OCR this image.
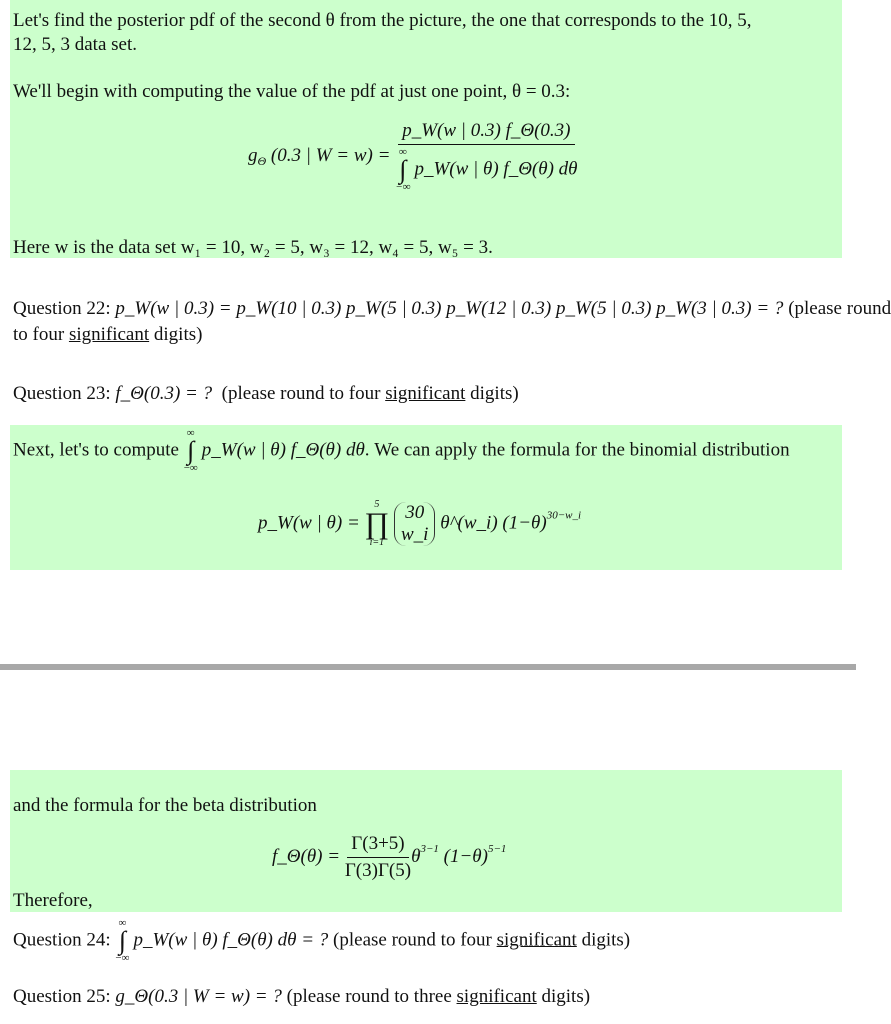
Let's find the posterior pdf of the second θ from the picture, the one that corresponds to the 10, 5,
12, 5, 3 data set.
We'll begin with computing the value of the pdf at just one point, θ = 0.3:
$g_\Theta$ (0.3 | W = w) = p_W(w | 0.3) f_Θ(0.3)
∞
∫
−∞
p_W(w | θ) f_Θ(θ) dθ
Here w is the data set w₁ = 10, w₂ = 5, w₃ = 12, w₄ = 5, w₅ = 3.
Question 22: p_W(w | 0.3) = p_W(10 | 0.3) p_W(5 | 0.3) p_W(12 | 0.3) p_W(5 | 0.3) p_W(3 | 0.3) = ? (please round
to four significant digits)
Question 23: f_Θ(0.3) = ? (please round to four significant digits)
Next, let's to compute
∞
∫
−∞
p_W(w | θ) f_Θ(θ) dθ. We can apply the formula for the binomial distribution
p_W(w | θ) =
5
∏
i=1

30
w_i
θ^(w_i) $(1-\theta)^{30-w\_i}$
and the formula for the beta distribution
f_Θ(θ) = $\frac{\Gamma(3+5)}{\Gamma(3)\Gamma(5)} \theta^{3-1}$ $(1-\theta)^{5-1}$
Therefore,
Question 24:
∞
∫
−∞
p_W(w | θ) f_Θ(θ) dθ = ? (please round to four significant digits)
Question 25: g_Θ(0.3 | W = w) = ? (please round to three significant digits)
